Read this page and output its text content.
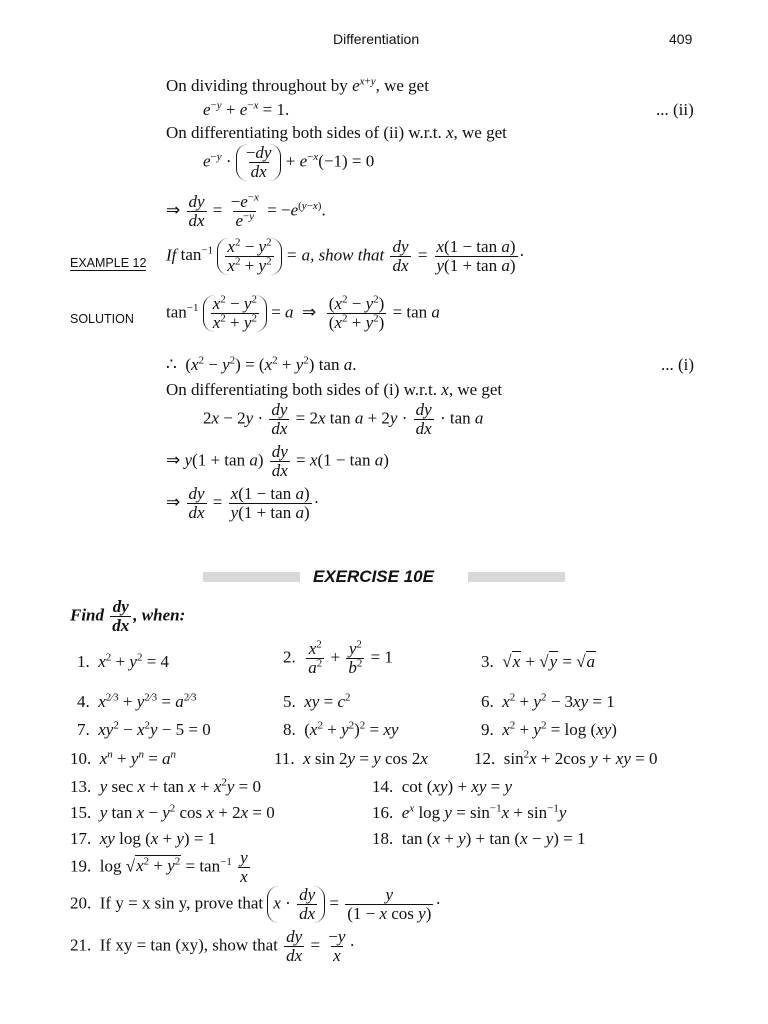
Differentiation	409
On dividing throughout by $e^{x+y}$, we get
$e^{-y} + e^{-x} = 1$.	... (ii)
On differentiating both sides of (ii) w.r.t. x, we get
$e^{-y} \cdot \frac{-dy}{dx} + e^{-x}(-1) = 0$
⇒ $\frac{dy}{dx} = \frac{-e^{-x}}{e^{-y}} = -e^{(y-x)}$.
EXAMPLE 12 If $\tan^{-1} \frac{x^2 - y^2}{x^2 + y^2} = a$, show that $\frac{dy}{dx} = \frac{\text{x(1 − tan a)}}{\text{y(1 + tan a)}}$ ·
SOLUTION $\tan^{-1} \frac{x^2 - y^2}{x^2 + y^2} = a$  ⇒ $\frac{(x^2 - y^2)}{(x^2 + y^2)} = \tan a$
∴  $(x^2 - y^2) = (x^2 + y^2)$ tan a.	... (i)
On differentiating both sides of (i) w.r.t. x, we get
$2x - 2y \cdot \frac{dy}{dx} = 2x$ $\tan a + 2y \cdot \frac{dy}{dx} \cdot \tan a$
⇒ $y(1 + \tan a) \frac{dy}{dx} = x(1 - \tan a)$
⇒ $\frac{dy}{dx} = \frac{\text{x(1 − tan a)}}{\text{y(1 + tan a)}}$ ·
EXERCISE 10E
Find $\frac{dy}{dx}$ , when:
1.  $x^2 + y^2 = 4$	2. $\frac{x^2}{a^2} + \frac{y^2}{b^2} = 1$	3.  √x + √y = √a
4.  $x^{2⁄3} + y^{2⁄3} = a^{2⁄3}$	5.  xy = $c^2$	6.  $x^2 + y^2 - 3xy = 1$
7.  $xy^2 - x^2y - 5 = 0$	8.  $(x^2 + y^2)^2$ = xy	9.  $x^2 + y^2 = \log (xy)$
10.  $x^n + y^n = a^n$	11.  x sin 2y = y cos 2x	12.  $\sin^2x + 2\cos$ y + xy = 0
13.  y $\sec x + \tan x + x^2y = 0$	14.  cot (xy) + xy = y
15.  y $\tan x - y^2$ cos x + 2x = 0	16.  $e^x$ $\log y = \sin^{-1}x + \sin^{-1}y$
17.  xy log (x + y) = 1	18.  tan (x + y) + tan (x − y) = 1
19.  $\log √x^2 + y^2 = \tan^{-1} \frac{y}{x}$
20.  If y = x sin y, prove that $x \cdot \frac{dy}{dx} = \frac{y}{\text{(1 − x cos y)}}$ ·
21.  If xy = tan (xy), show that $\frac{dy}{dx} = \frac{-y}{x}$ ·
